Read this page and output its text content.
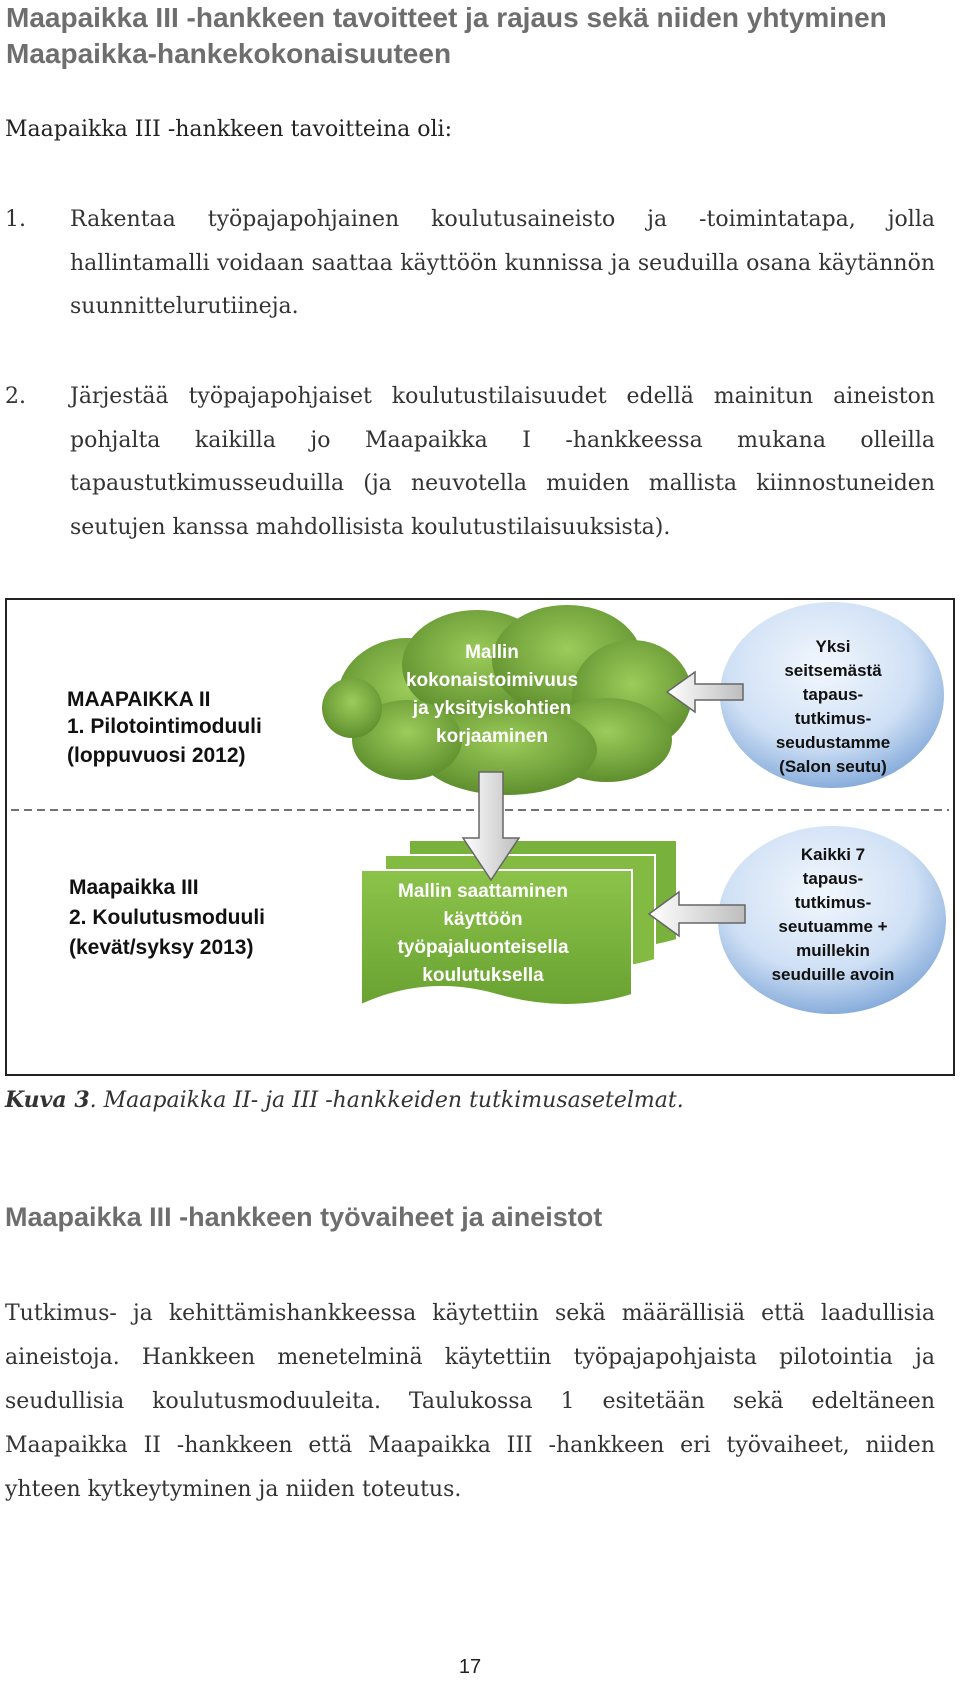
Maapaikka III -hankkeen tavoitteet ja rajaus sekä niiden yhtyminen Maapaikka-hankekokonaisuuteen

Maapaikka III -hankkeen tavoitteina oli:

1. Rakentaa työpajapohjainen koulutusaineisto ja -toimintatapa, jolla hallintamalli voidaan saattaa käyttöön kunnissa ja seuduilla osana käytännön suunnittelurutiineja.
2. Järjestää työpajapohjaiset koulutustilaisuudet edellä mainitun aineiston pohjalta kaikilla jo Maapaikka I -hankkeessa mukana olleilla tapaustutkimusseuduilla (ja neuvotella muiden mallista kiinnostuneiden seutujen kanssa mahdollisista koulutustilaisuuksista).
MAAPAIKKA II
1. Pilotointimoduuli
(loppuvuosi 2012)
Maapaikka III
2. Koulutusmoduuli
(kevät/syksy 2013)
Mallin
kokonaistoimivuus
ja yksityiskohtien
korjaaminen
Mallin saattaminen
käyttöön
työpajaluonteisella
koulutuksella
Yksi
seitsemästä
tapaus-
tutkimus-
seudustamme
(Salon seutu)
Kaikki 7
tapaus-
tutkimus-
seutuamme +
muillekin
seuduille avoin
Kuva 3. Maapaikka II- ja III -hankkeiden tutkimusasetelmat.
Maapaikka III -hankkeen työvaiheet ja aineistot

Tutkimus- ja kehittämishankkeessa käytettiin sekä määrällisiä että laadullisia aineistoja. Hankkeen menetelminä käytettiin työpajapohjaista pilotointia ja seudullisia koulutusmoduuleita. Taulukossa 1 esitetään sekä edeltäneen Maapaikka II -hankkeen että Maapaikka III -hankkeen eri työvaiheet, niiden yhteen kytkeytyminen ja niiden toteutus.

17
